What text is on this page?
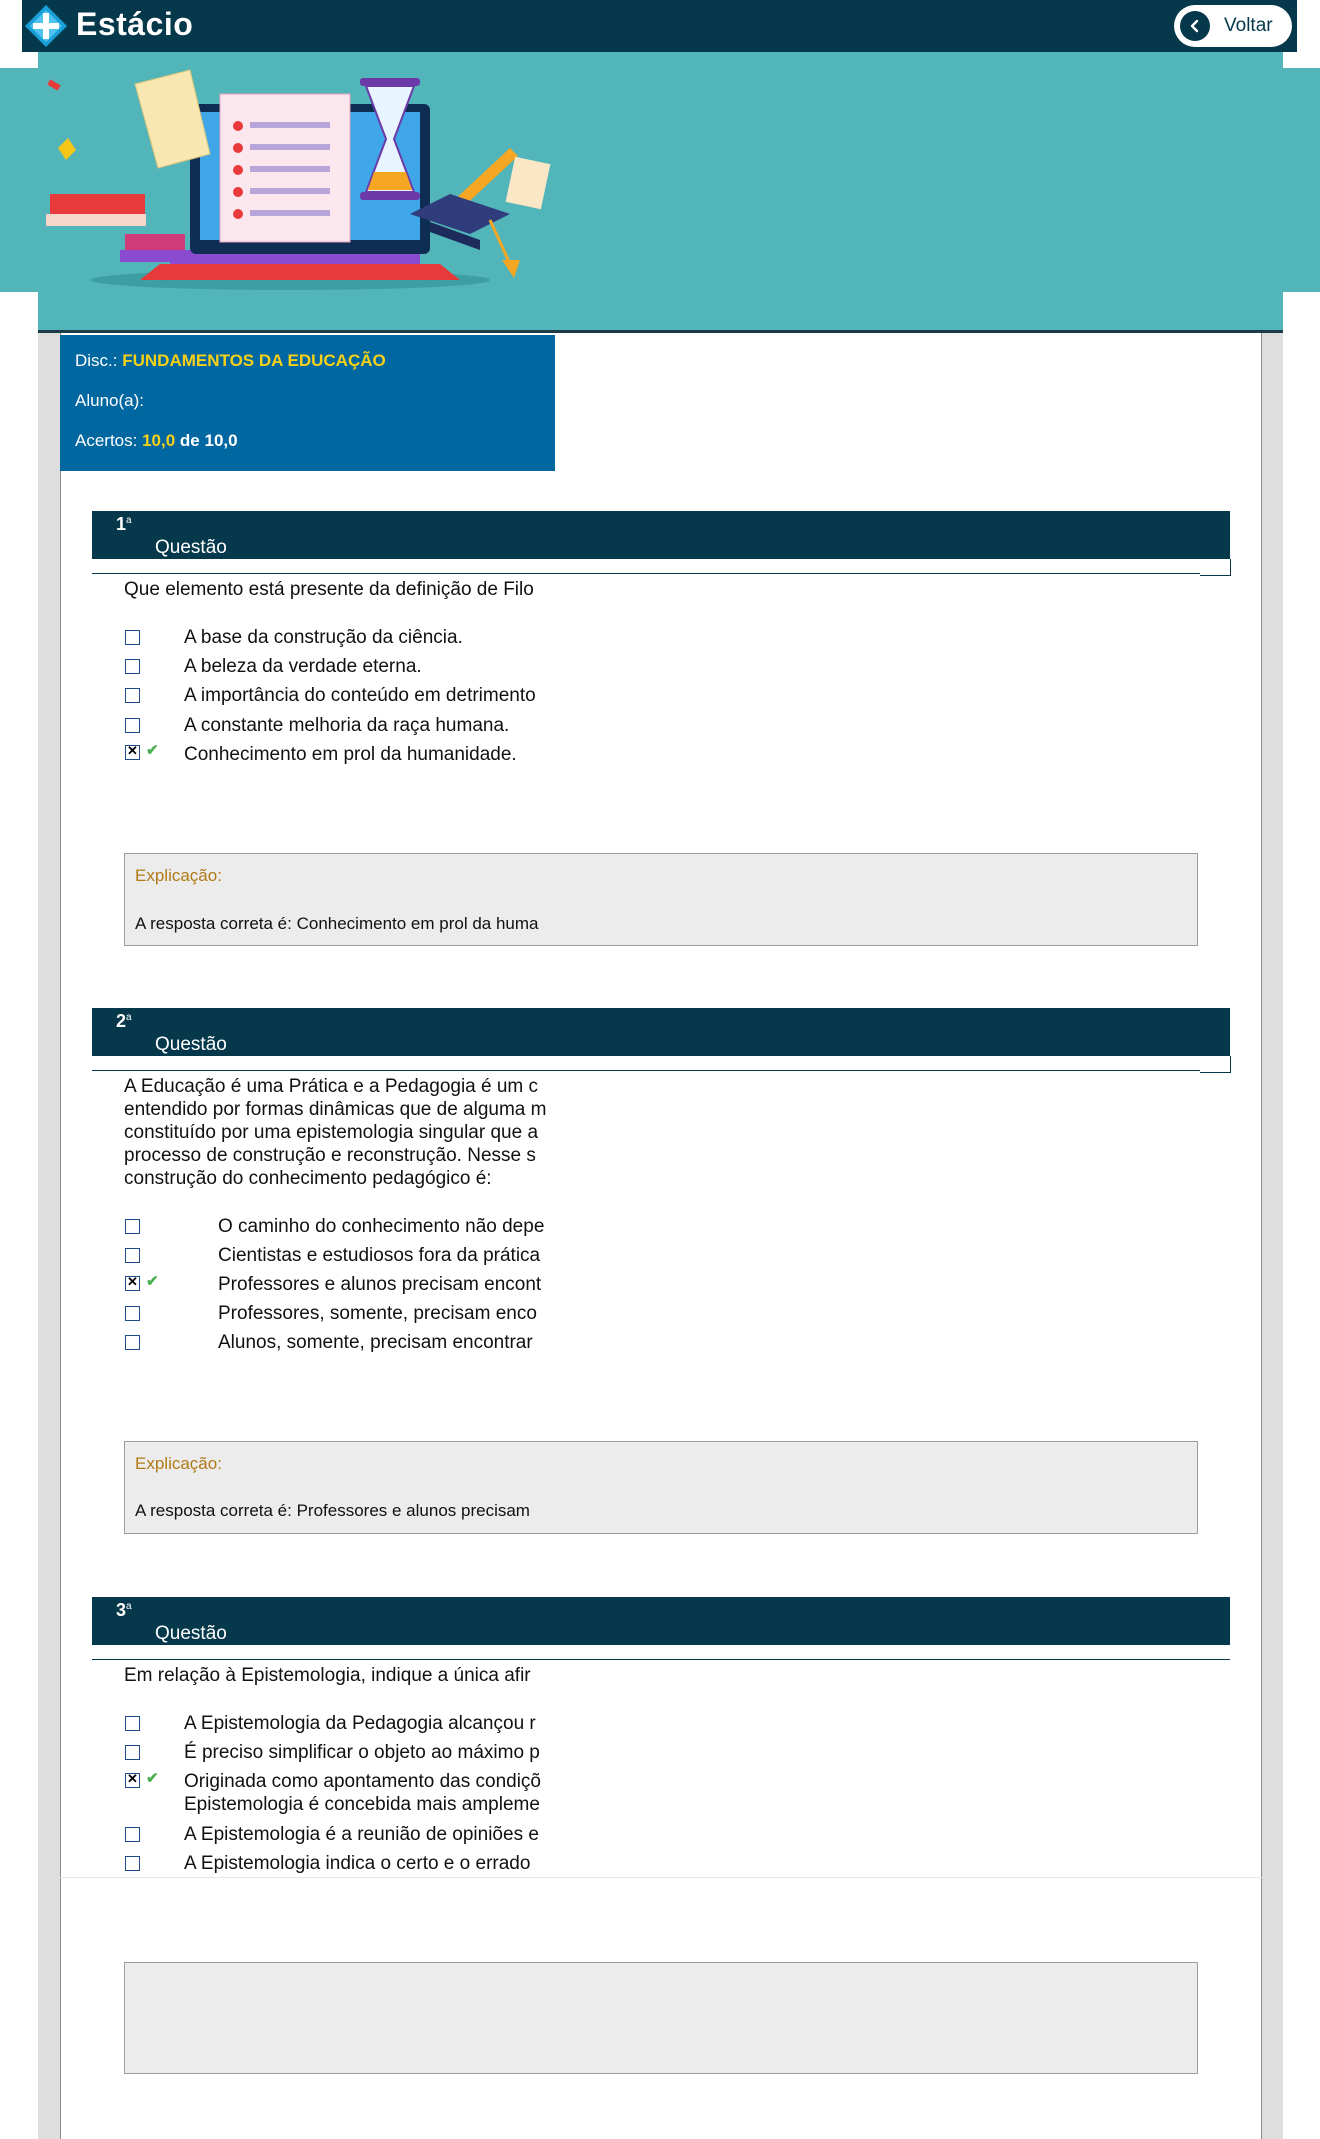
Estácio	Voltar
Disc.: FUNDAMENTOS DA EDUCAÇÃO
Aluno(a):
Acertos: 10,0 de 10,0
1$^a$
Questão
Que elemento está presente da definição de Filo
A base da construção da ciência.
A beleza da verdade eterna.
A importância do conteúdo em detrimento
A constante melhoria da raça humana.
✕
✔ Conhecimento em prol da humanidade.
Explicação:
A resposta correta é: Conhecimento em prol da huma
2$^a$
Questão
A Educação é uma Prática e a Pedagogia é um c
entendido por formas dinâmicas que de alguma m
constituído por uma epistemologia singular que a
processo de construção e reconstrução. Nesse s
construção do conhecimento pedagógico é:
O caminho do conhecimento não depe
Cientistas e estudiosos fora da prática
✕
✔	Professores e alunos precisam encont
Professores, somente, precisam enco
Alunos, somente, precisam encontrar
Explicação:
A resposta correta é: Professores e alunos precisam
3$^a$
Questão
Em relação à Epistemologia, indique a única afir
A Epistemologia da Pedagogia alcançou r
É preciso simplificar o objeto ao máximo p
✕
✔ Originada como apontamento das condiçõ
Epistemologia é concebida mais ampleme
A Epistemologia é a reunião de opiniões e
A Epistemologia indica o certo e o errado
